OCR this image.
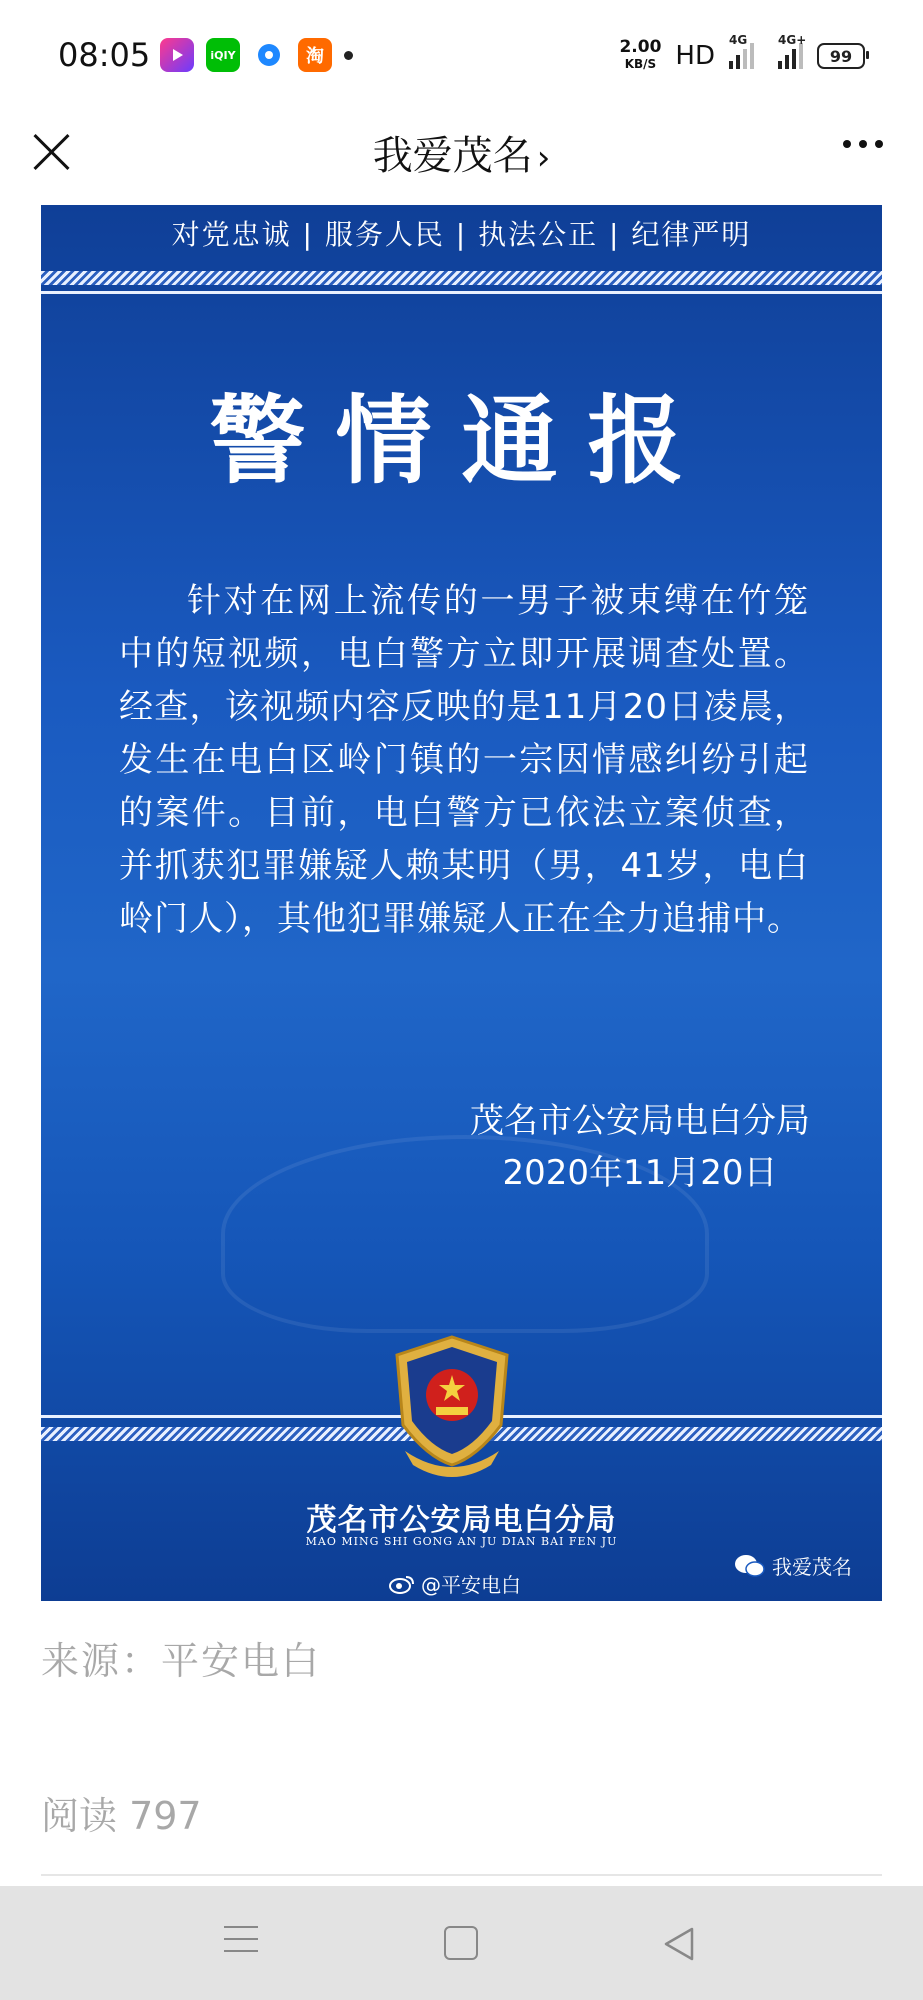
08:05	iQIY	淘	2.00
KB/S HD
4G	4G+
99
我爱茂名 ›
对党忠诚 | 服务人民 | 执法公正 | 纪律严明
警情通报
针对在网上流传的一男子被束缚在竹笼中的短视频，电白警方立即开展调查处置。经查，该视频内容反映的是11月20日凌晨，发生在电白区岭门镇的一宗因情感纠纷引起的案件。目前，电白警方已依法立案侦查，并抓获犯罪嫌疑人赖某明（男，41岁，电白岭门人），其他犯罪嫌疑人正在全力追捕中。
茂名市公安局电白分局
2020年11月20日
茂名市公安局电白分局
MAO MING SHI GONG AN JU DIAN BAI FEN JU
@平安电白
我爱茂名
来源：平安电白
阅读 797
